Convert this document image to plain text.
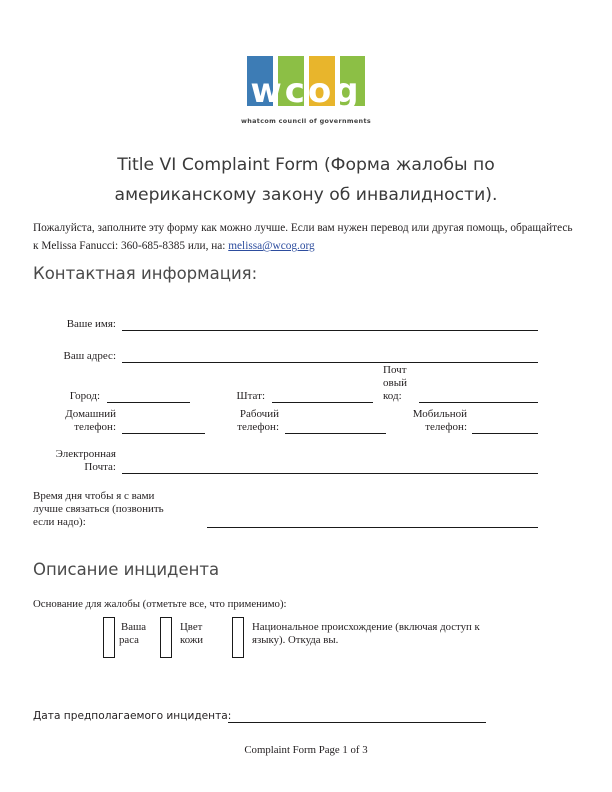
wcog
whatcom council of governments
Title VI Complaint Form (Форма жалобы по американскому закону об инвалидности).
Пожалуйста, заполните эту форму как можно лучше. Если вам нужен перевод или другая помощь, обращайтесь к Melissa Fanucci: 360-685-8385 или, на: melissa@wcog.org
Контактная информация:
Ваше имя:
Ваш адрес:
Почт
овый
код:
Город:	Штат:
Домашний
телефон:
Рабочий
телефон:
Мобильной
телефон:
Электронная
Почта:
Время дня чтобы я с вами
лучше связаться (позвонить
если надо):
Описание инцидента
Основание для жалобы (отметьте все, что применимо):
Ваша
раса
Цвет
кожи
Национальное происхождение (включая доступ к
языку). Откуда вы.
Дата предполагаемого инцидента:
Complaint Form Page 1 of 3
